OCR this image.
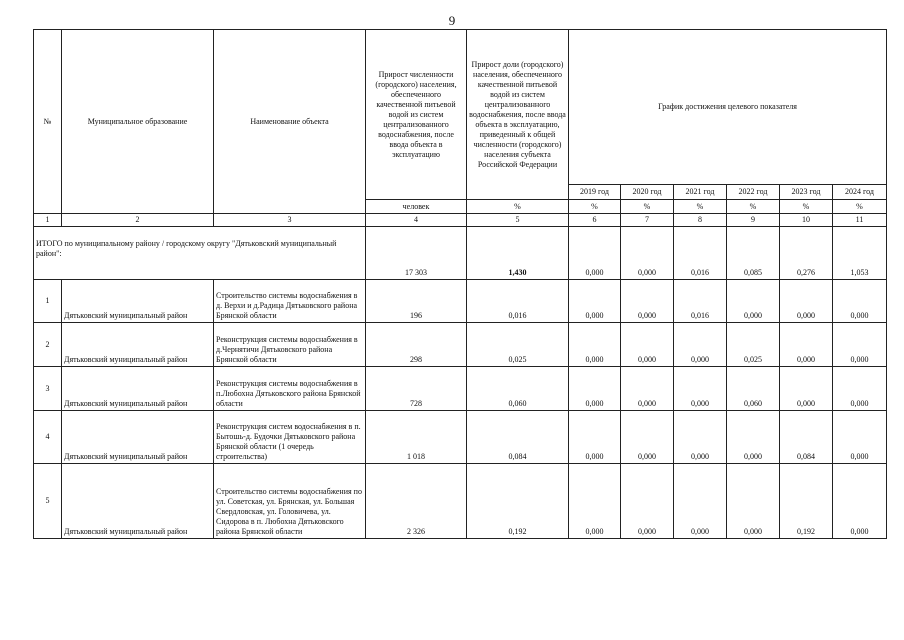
9
№	Муниципальное образование	Наименование объекта	Прирост численности (городского) населения, обеспеченного качественной питьевой водой из систем централизованного водоснабжения, после ввода объекта в эксплуатацию	Прирост доли (городского) населения, обеспеченного качественной питьевой водой из систем централизованного водоснабжения, после ввода объекта в эксплуатацию, приведенный к общей численности (городского) населения субъекта Российской Федерации	График достижения целевого показателя					
					2019 год	2020 год	2021 год	2022 год	2023 год	2024 год
			человек	%	%	%	%	%	%	%
1	2	3	4	5	6	7	8	9	10	11
ИТОГО по муниципальному району / городскому округу "Дятьковский муниципальный район":			17 303	1,430	0,000	0,000	0,016	0,085	0,276	1,053
1	Дятьковский муниципальный район	Строительство системы водоснабжения в д. Верхи и д.Радица Дятьковского района Брянской области	196	0,016	0,000	0,000	0,016	0,000	0,000	0,000
2	Дятьковский муниципальный район	Реконструкция системы водоснабжения в д.Чернятичи Дятьковского района Брянской области	298	0,025	0,000	0,000	0,000	0,025	0,000	0,000
3	Дятьковский муниципальный район	Реконструкция системы водоснабжения в п.Любохна Дятьковского района Брянской области	728	0,060	0,000	0,000	0,000	0,060	0,000	0,000
4	Дятьковский муниципальный район	Реконструкция систем водоснабжения в п. Бытошь-д. Будочки Дятьковского района Брянской области (1 очередь строительства)	1 018	0,084	0,000	0,000	0,000	0,000	0,084	0,000
5	Дятьковский муниципальный район	Строительство системы водоснабжения по ул. Советская, ул. Брянская, ул. Большая Свердловская, ул. Головичева, ул. Сидорова в п. Любохна Дятьковского района Брянской области	2 326	0,192	0,000	0,000	0,000	0,000	0,192	0,000
